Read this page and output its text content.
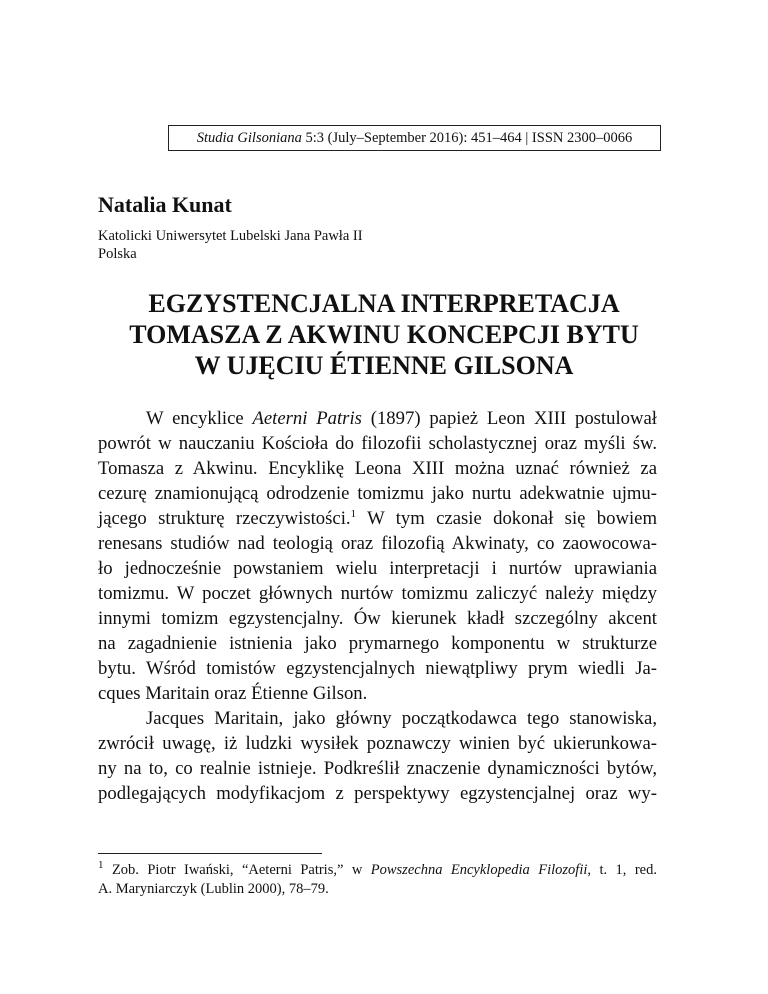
Studia Gilsoniana 5:3 (July–September 2016): 451–464 | ISSN 2300–0066
Natalia Kunat
Katolicki Uniwersytet Lubelski Jana Pawła II
Polska
EGZYSTENCJALNA INTERPRETACJA
TOMASZA Z AKWINU KONCEPCJI BYTU
W UJĘCIU ÉTIENNE GILSONA
W encyklice Aeterni Patris (1897) papież Leon XIII postulował
powrót w nauczaniu Kościoła do filozofii scholastycznej oraz myśli św.
Tomasza z Akwinu. Encyklikę Leona XIII można uznać również za
cezurę znamionującą odrodzenie tomizmu jako nurtu adekwatnie ujmu-
jącego strukturę rzeczywistości.$^1$ W tym czasie dokonał się bowiem
renesans studiów nad teologią oraz filozofią Akwinaty, co zaowocowa-
ło jednocześnie powstaniem wielu interpretacji i nurtów uprawiania
tomizmu. W poczet głównych nurtów tomizmu zaliczyć należy między
innymi tomizm egzystencjalny. Ów kierunek kładł szczególny akcent
na zagadnienie istnienia jako prymarnego komponentu w strukturze
bytu. Wśród tomistów egzystencjalnych niewątpliwy prym wiedli Ja-
cques Maritain oraz Étienne Gilson.
Jacques Maritain, jako główny początkodawca tego stanowiska,
zwrócił uwagę, iż ludzki wysiłek poznawczy winien być ukierunkowa-
ny na to, co realnie istnieje. Podkreślił znaczenie dynamiczności bytów,
podlegających modyfikacjom z perspektywy egzystencjalnej oraz wy-
$^1$ Zob. Piotr Iwański, “Aeterni Patris,” w Powszechna Encyklopedia Filozofii, t. 1, red.
A. Maryniarczyk (Lublin 2000), 78–79.
